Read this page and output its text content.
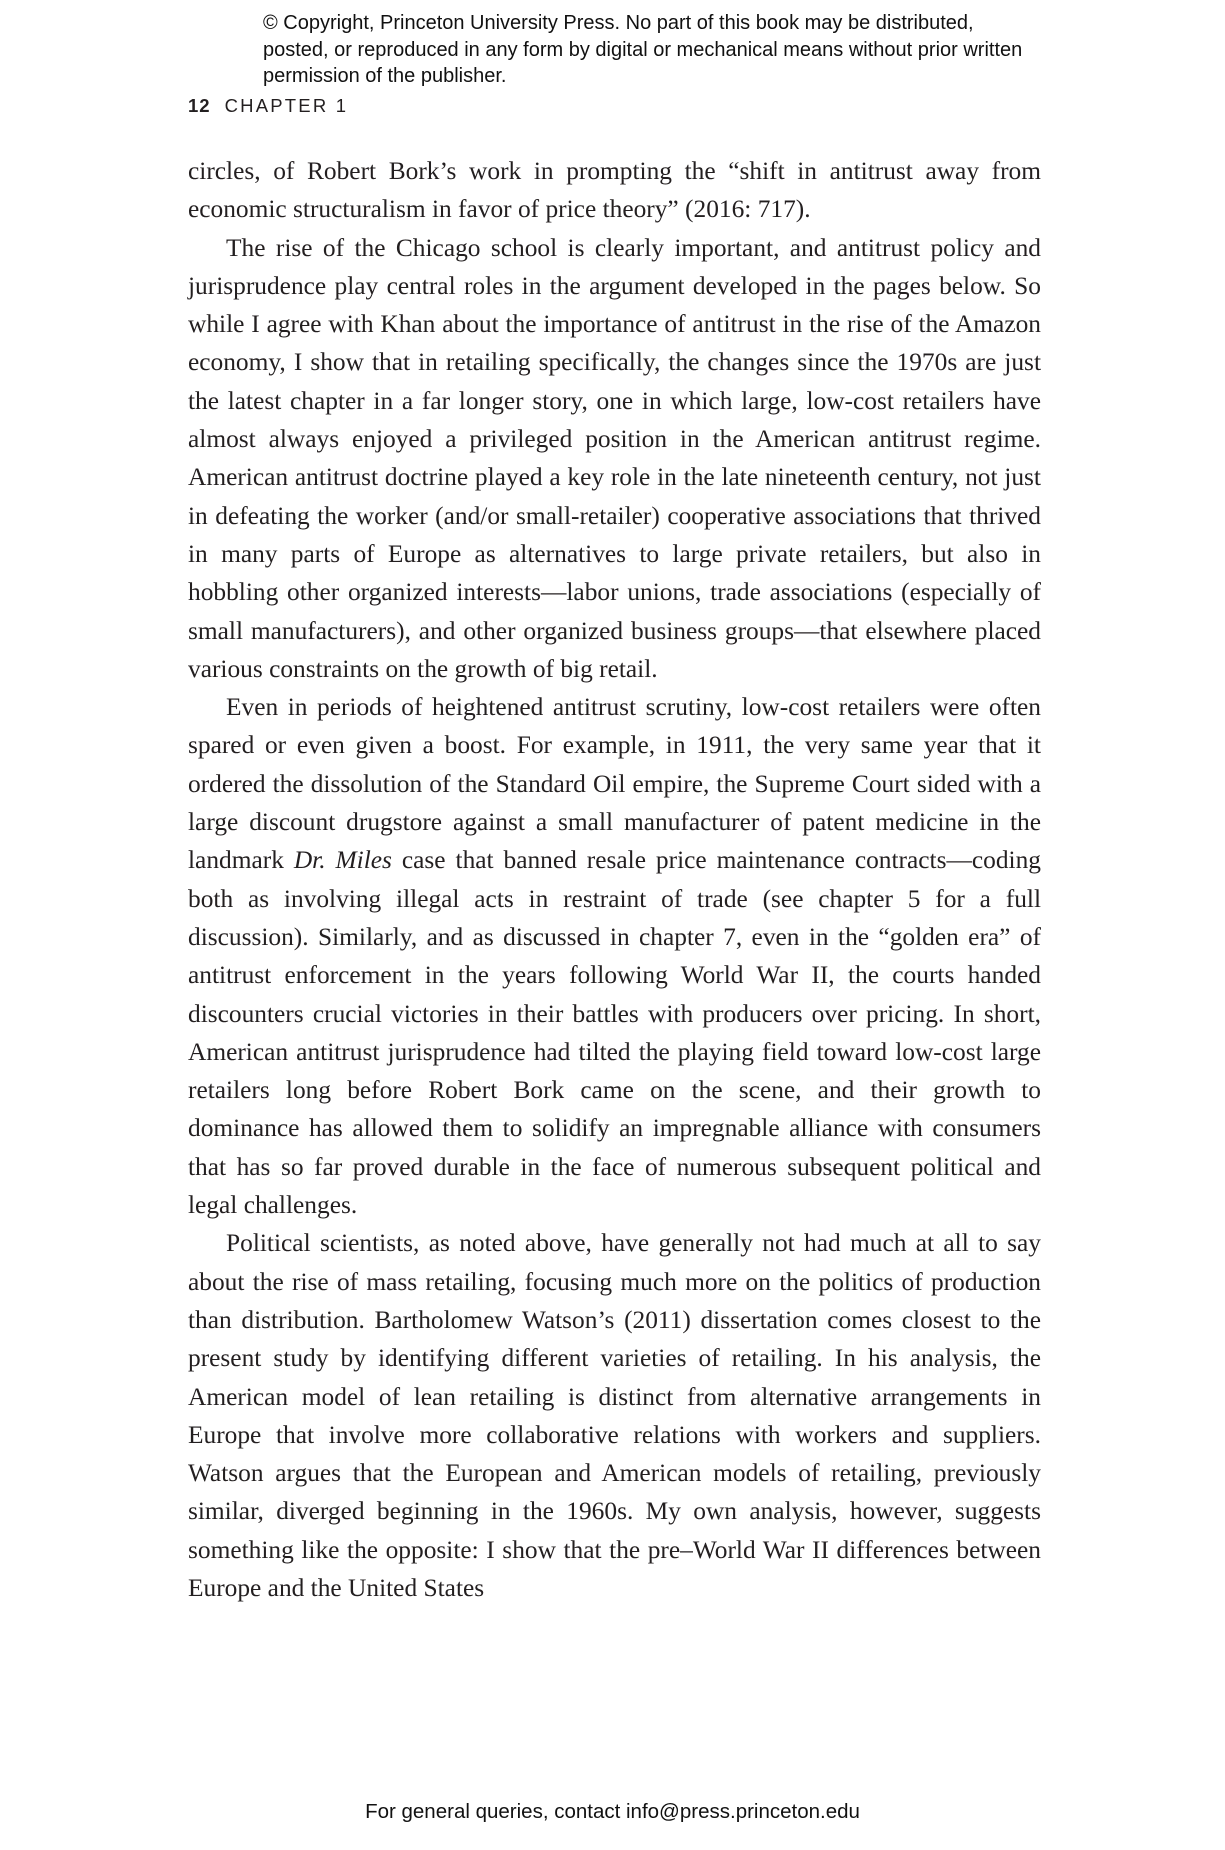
© Copyright, Princeton University Press. No part of this book may be distributed, posted, or reproduced in any form by digital or mechanical means without prior written permission of the publisher.
12 CHAPTER 1

circles, of Robert Bork’s work in prompting the “shift in antitrust away from economic structuralism in favor of price theory” (2016: 717).

The rise of the Chicago school is clearly important, and antitrust policy and jurisprudence play central roles in the argument developed in the pages below. So while I agree with Khan about the importance of antitrust in the rise of the Amazon economy, I show that in retailing specifically, the changes since the 1970s are just the latest chapter in a far longer story, one in which large, low-cost retailers have almost always enjoyed a privileged position in the American antitrust regime. American antitrust doctrine played a key role in the late nineteenth century, not just in defeating the worker (and/or small-retailer) cooperative associations that thrived in many parts of Europe as alternatives to large private retailers, but also in hobbling other organized interests—labor unions, trade associations (especially of small manufacturers), and other organized business groups—that elsewhere placed various constraints on the growth of big retail.

Even in periods of heightened antitrust scrutiny, low-cost retailers were often spared or even given a boost. For example, in 1911, the very same year that it ordered the dissolution of the Standard Oil empire, the Supreme Court sided with a large discount drugstore against a small manufacturer of patent medicine in the landmark Dr. Miles case that banned resale price maintenance contracts—coding both as involving illegal acts in restraint of trade (see chapter 5 for a full discussion). Similarly, and as discussed in chapter 7, even in the “golden era” of antitrust enforcement in the years following World War II, the courts handed discounters crucial victories in their battles with producers over pricing. In short, American antitrust jurisprudence had tilted the playing field toward low-cost large retailers long before Robert Bork came on the scene, and their growth to dominance has allowed them to solidify an impregnable alliance with consumers that has so far proved durable in the face of numerous subsequent political and legal challenges.

Political scientists, as noted above, have generally not had much at all to say about the rise of mass retailing, focusing much more on the politics of production than distribution. Bartholomew Watson’s (2011) dissertation comes closest to the present study by identifying different varieties of retailing. In his analysis, the American model of lean retailing is distinct from alternative arrangements in Europe that involve more collaborative relations with workers and suppliers. Watson argues that the European and American models of retailing, previously similar, diverged beginning in the 1960s. My own analysis, however, suggests something like the opposite: I show that the pre–World War II differences between Europe and the United States

For general queries, contact info@press.princeton.edu
